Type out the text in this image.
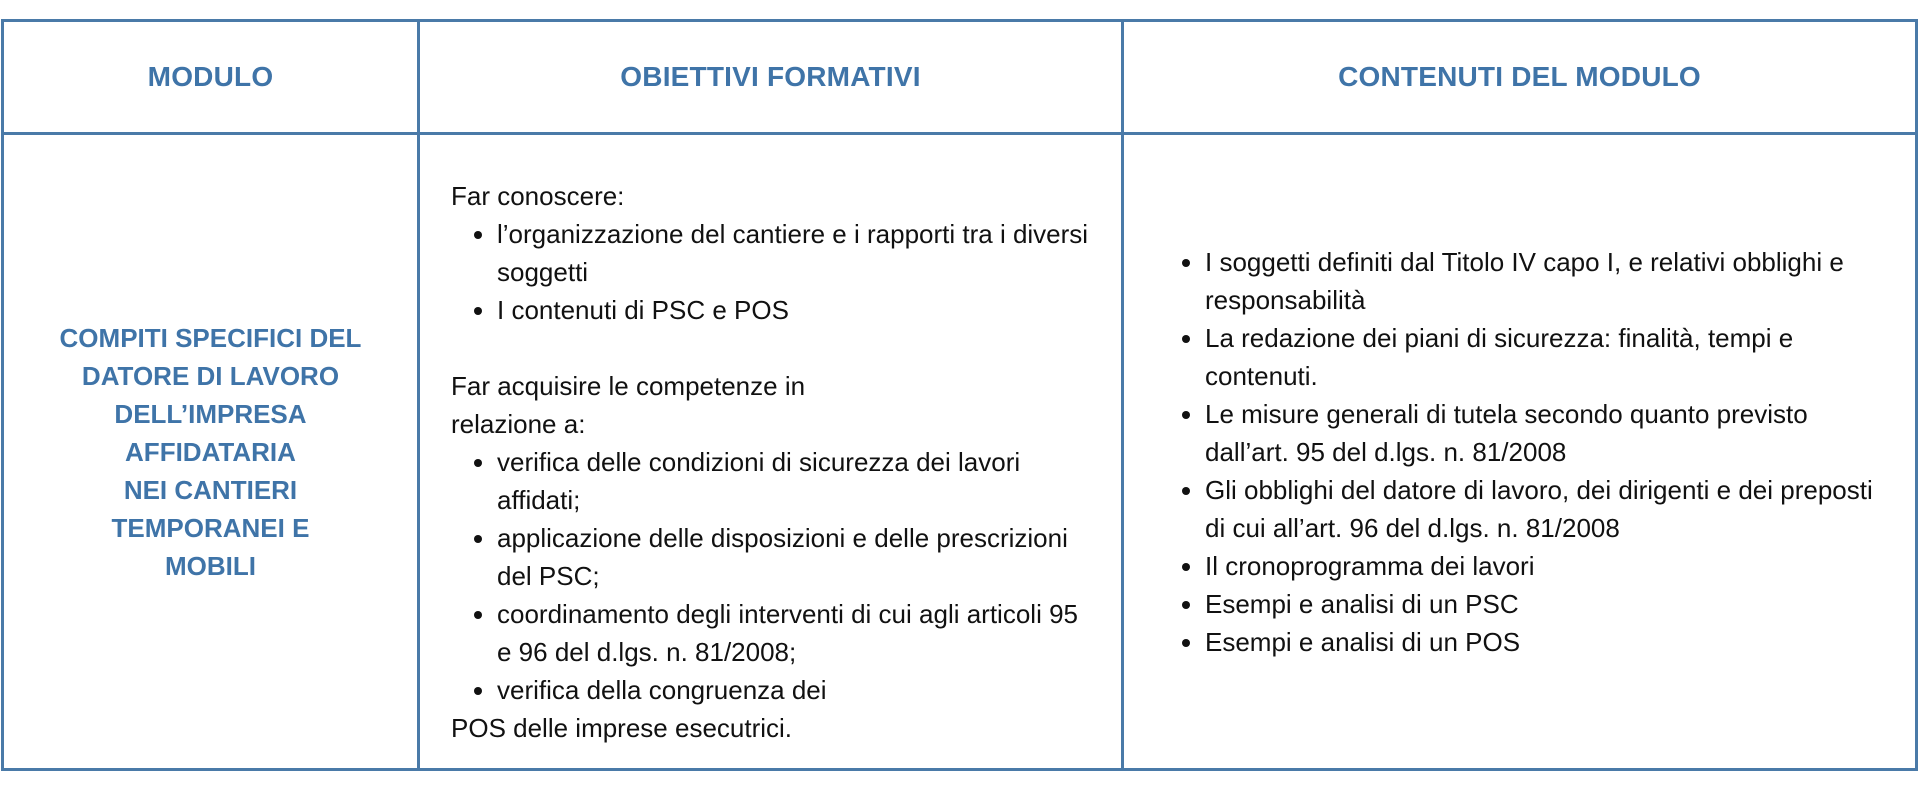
MODULO	OBIETTIVI FORMATIVI	CONTENUTI DEL MODULO
COMPITI SPECIFICI DEL
DATORE DI LAVORO
DELL’IMPRESA
AFFIDATARIA
NEI CANTIERI
TEMPORANEI E
MOBILI

Far conoscere:

• l’organizzazione del cantiere e i rapporti tra i diversi soggetti
• I contenuti di PSC e POS

Far acquisire le competenze in

relazione a:

• verifica delle condizioni di sicurezza dei lavori affidati;
• applicazione delle disposizioni e delle prescrizioni del PSC;
• coordinamento degli interventi di cui agli articoli 95 e 96 del d.lgs. n. 81/2008;
• verifica della congruenza dei

POS delle imprese esecutrici.

• I soggetti definiti dal Titolo IV capo I, e relativi obblighi e responsabilità
• La redazione dei piani di sicurezza: finalità, tempi e contenuti.
• Le misure generali di tutela secondo quanto previsto dall’art. 95 del d.lgs. n. 81/2008
• Gli obblighi del datore di lavoro, dei dirigenti e dei preposti di cui all’art. 96 del d.lgs. n. 81/2008
• Il cronoprogramma dei lavori
• Esempi e analisi di un PSC
• Esempi e analisi di un POS
